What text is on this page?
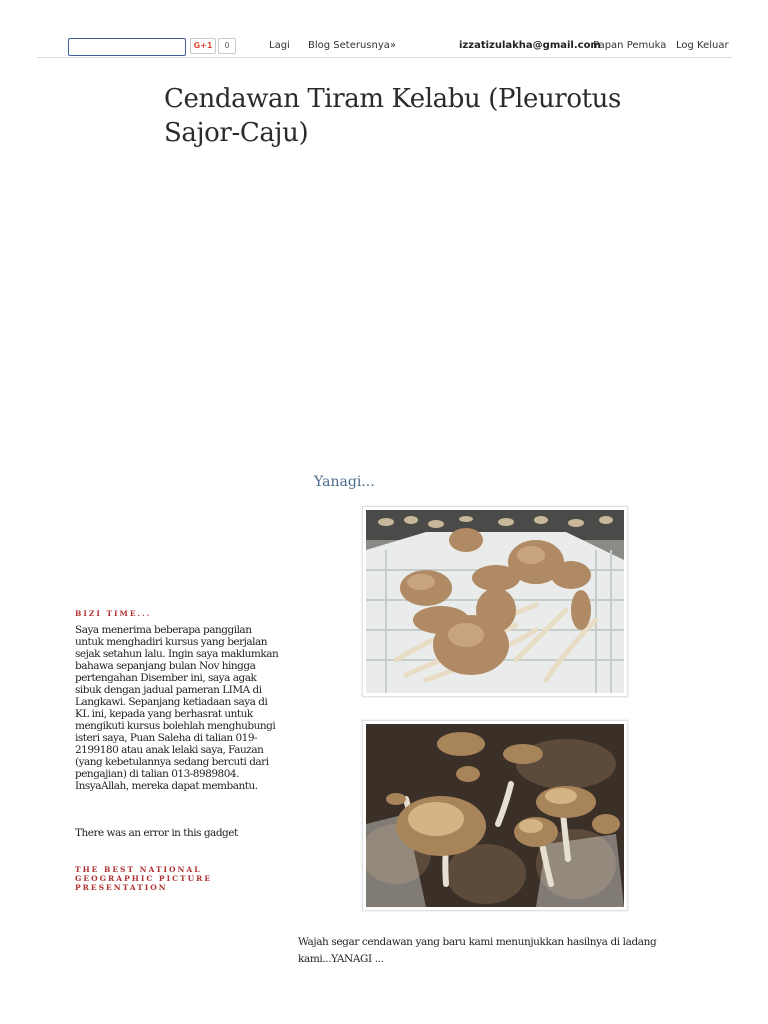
G+1	0	Lagi Blog Seterusnya»	izzatizulakha@gmail.com
Papan Pemuka Log Keluar
Cendawan Tiram Kelabu (Pleurotus Sajor-Caju)
Yanagi...
BIZI TIME...

Saya menerima beberapa panggilan untuk menghadiri kursus yang berjalan sejak setahun lalu. Ingin saya maklumkan bahawa sepanjang bulan Nov hingga pertengahan Disember ini, saya agak sibuk dengan jadual pameran LIMA di Langkawi. Sepanjang ketiadaan saya di KL ini, kepada yang berhasrat untuk mengikuti kursus bolehlah menghubungi isteri saya, Puan Saleha di talian 019-2199180 atau anak lelaki saya, Fauzan (yang kebetulannya sedang bercuti dari pengajian) di talian 013-8989804. InsyaAllah, mereka dapat membantu.

There was an error in this gadget

THE BEST NATIONAL GEOGRAPHIC PICTURE PRESENTATION

Wajah segar cendawan yang baru kami menunjukkan hasilnya di ladang kami...YANAGI ...
